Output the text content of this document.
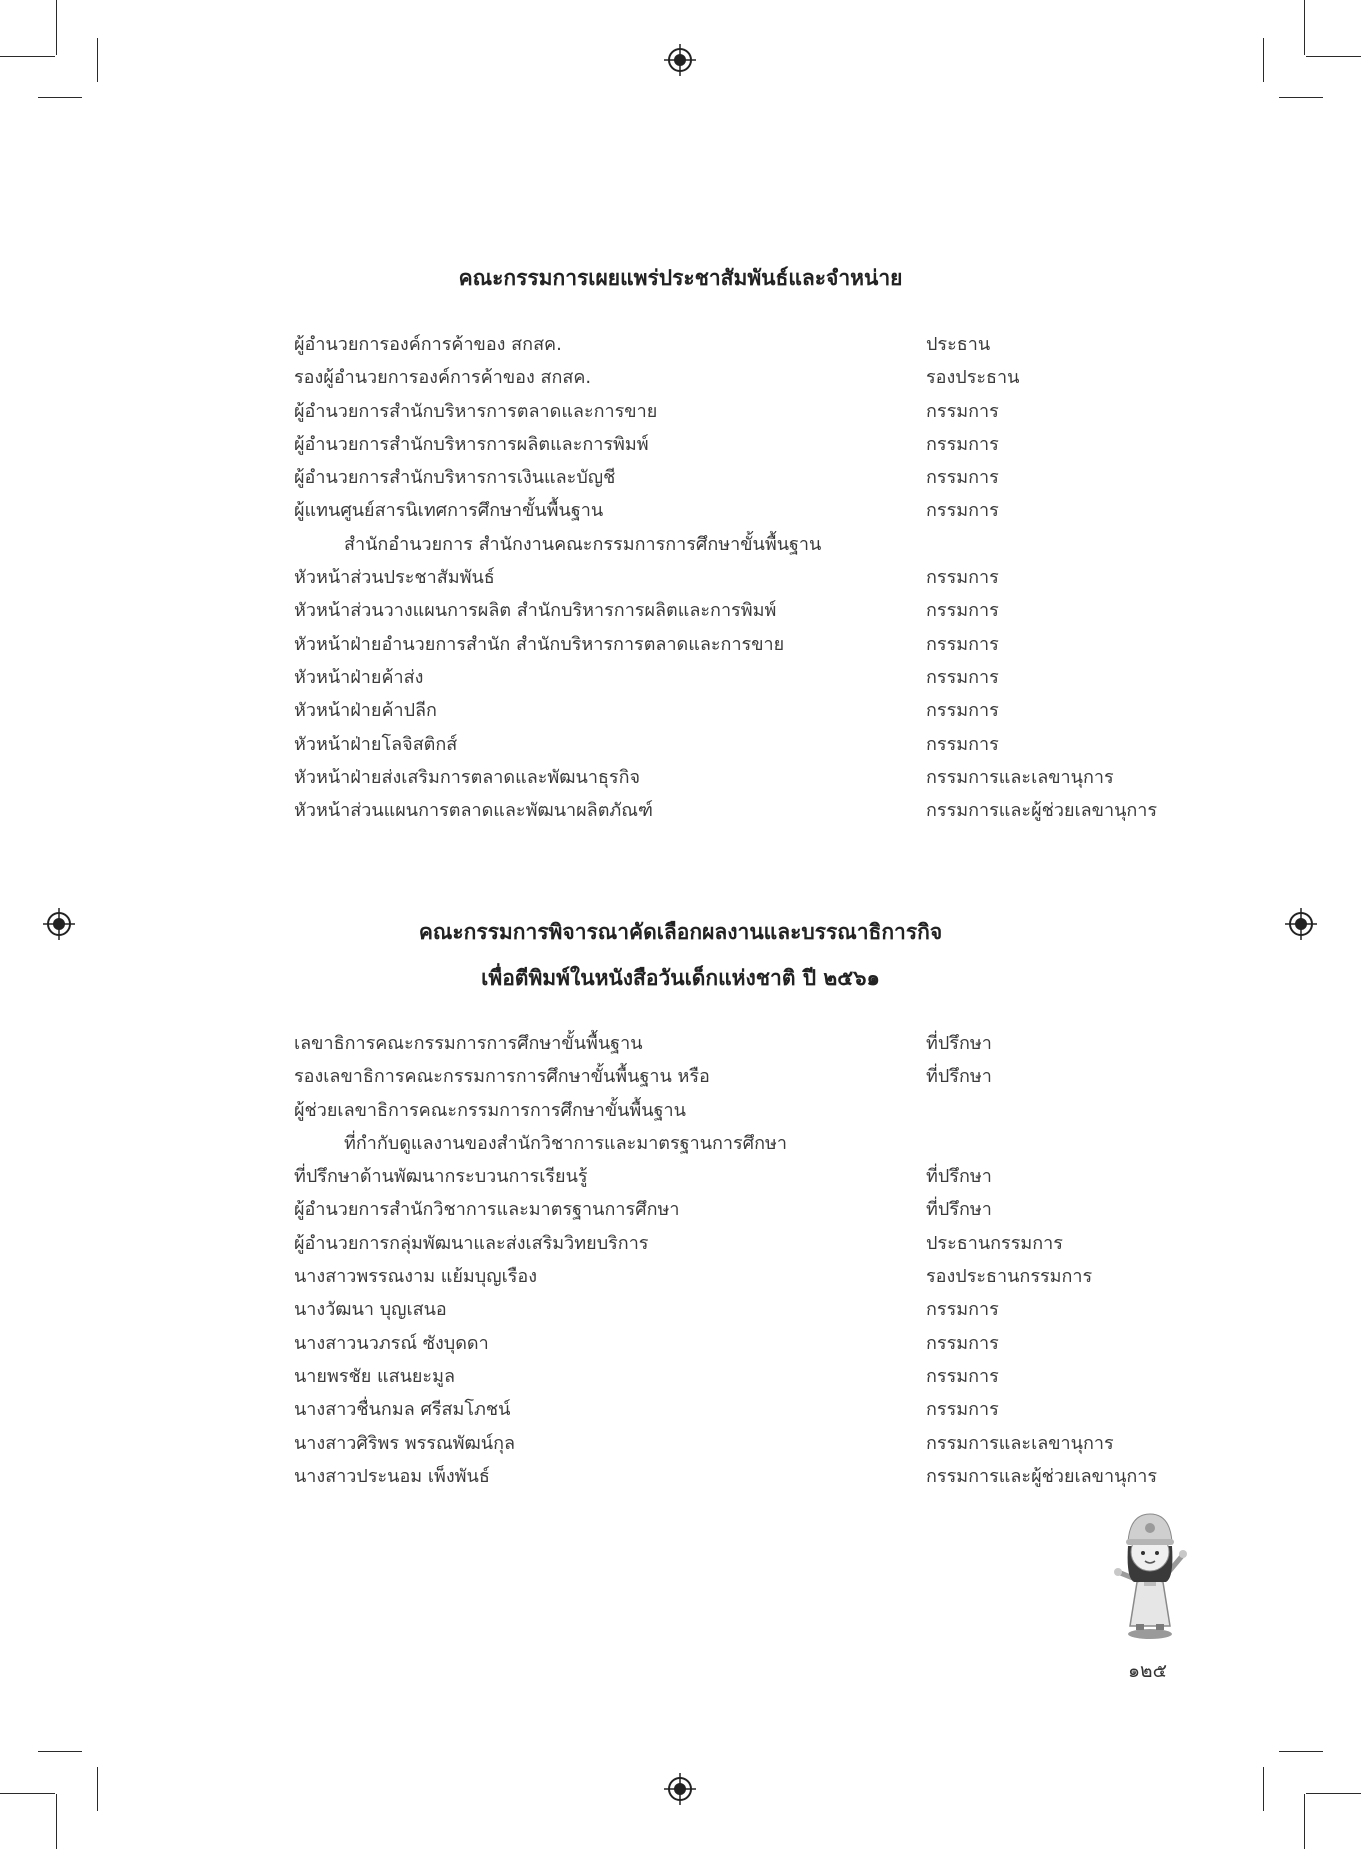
คณะกรรมการเผยแพร่ประชาสัมพันธ์และจำหน่าย
ผู้อำนวยการองค์การค้าของ สกสค.	ประธาน
รองผู้อำนวยการองค์การค้าของ สกสค.	รองประธาน
ผู้อำนวยการสำนักบริหารการตลาดและการขาย	กรรมการ
ผู้อำนวยการสำนักบริหารการผลิตและการพิมพ์	กรรมการ
ผู้อำนวยการสำนักบริหารการเงินและบัญชี	กรรมการ
ผู้แทนศูนย์สารนิเทศการศึกษาขั้นพื้นฐาน	กรรมการ
สำนักอำนวยการ สำนักงานคณะกรรมการการศึกษาขั้นพื้นฐาน
หัวหน้าส่วนประชาสัมพันธ์	กรรมการ
หัวหน้าส่วนวางแผนการผลิต สำนักบริหารการผลิตและการพิมพ์	กรรมการ
หัวหน้าฝ่ายอำนวยการสำนัก สำนักบริหารการตลาดและการขาย	กรรมการ
หัวหน้าฝ่ายค้าส่ง	กรรมการ
หัวหน้าฝ่ายค้าปลีก	กรรมการ
หัวหน้าฝ่ายโลจิสติกส์	กรรมการ
หัวหน้าฝ่ายส่งเสริมการตลาดและพัฒนาธุรกิจ	กรรมการและเลขานุการ
หัวหน้าส่วนแผนการตลาดและพัฒนาผลิตภัณฑ์	กรรมการและผู้ช่วยเลขานุการ
คณะกรรมการพิจารณาคัดเลือกผลงานและบรรณาธิการกิจ
เพื่อตีพิมพ์ในหนังสือวันเด็กแห่งชาติ ปี ๒๕๖๑
เลขาธิการคณะกรรมการการศึกษาขั้นพื้นฐาน	ที่ปรึกษา
รองเลขาธิการคณะกรรมการการศึกษาขั้นพื้นฐาน หรือ	ที่ปรึกษา
ผู้ช่วยเลขาธิการคณะกรรมการการศึกษาขั้นพื้นฐาน
ที่กำกับดูแลงานของสำนักวิชาการและมาตรฐานการศึกษา
ที่ปรึกษาด้านพัฒนากระบวนการเรียนรู้	ที่ปรึกษา
ผู้อำนวยการสำนักวิชาการและมาตรฐานการศึกษา	ที่ปรึกษา
ผู้อำนวยการกลุ่มพัฒนาและส่งเสริมวิทยบริการ	ประธานกรรมการ
นางสาวพรรณงาม แย้มบุญเรือง	รองประธานกรรมการ
นางวัฒนา บุญเสนอ	กรรมการ
นางสาวนวภรณ์ ซังบุดดา	กรรมการ
นายพรชัย แสนยะมูล	กรรมการ
นางสาวชื่นกมล ศรีสมโภชน์	กรรมการ
นางสาวศิริพร พรรณพัฒน์กุล	กรรมการและเลขานุการ
นางสาวประนอม เพ็งพันธ์	กรรมการและผู้ช่วยเลขานุการ
๑๒๕
